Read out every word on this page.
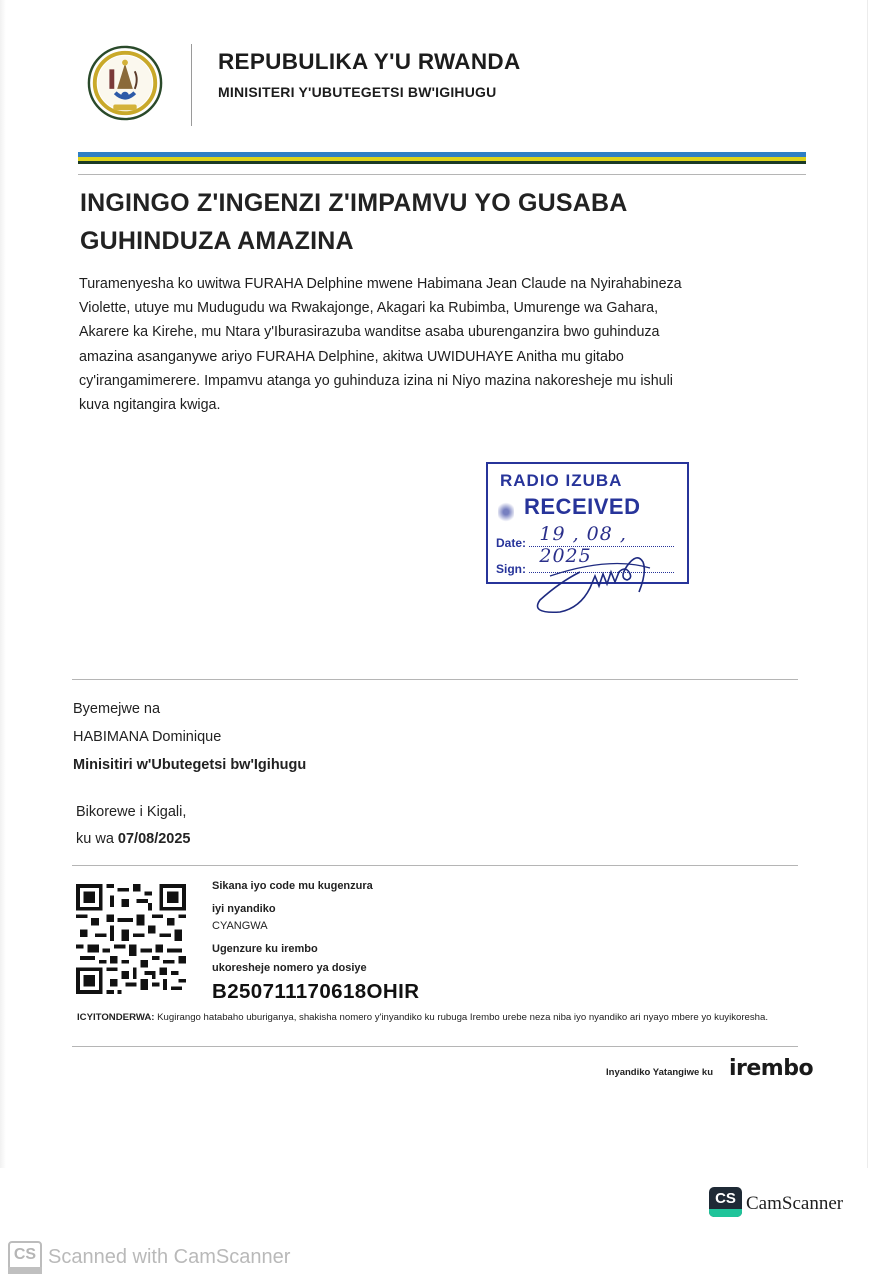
REPUBULIKA Y'U RWANDA
MINISITERI Y'UBUTEGETSI BW'IGIHUGU
INGINGO Z'INGENZI Z'IMPAMVU YO GUSABA
GUHINDUZA AMAZINA
Turamenyesha ko uwitwa FURAHA Delphine mwene Habimana Jean Claude na Nyirahabineza
Violette, utuye mu Mudugudu wa Rwakajonge, Akagari ka Rubimba, Umurenge wa Gahara,
Akarere ka Kirehe, mu Ntara y'Iburasirazuba wanditse asaba uburenganzira bwo guhinduza
amazina asanganywe ariyo FURAHA Delphine, akitwa UWIDUHAYE Anitha mu gitabo
cy'irangamimerere. Impamvu atanga yo guhinduza izina ni Niyo mazina nakoresheje mu ishuli
kuva ngitangira kwiga.
RADIO IZUBA
RECEIVED
Date: 19 , 08 , 2025
Sign:
Byemejwe na
HABIMANA Dominique
Minisitiri w'Ubutegetsi bw'Igihugu
Bikorewe i Kigali,
ku wa 07/08/2025
Sikana iyo code mu kugenzura
iyi nyandiko
CYANGWA
Ugenzure ku irembo
ukoresheje nomero ya dosiye
B250711170618OHIR
ICYITONDERWA: Kugirango hatabaho uburiganya, shakisha nomero y'inyandiko ku rubuga Irembo urebe neza niba iyo nyandiko ari nyayo mbere yo kuyikoresha.
Inyandiko Yatangiwe ku irembo
CS CamScanner
CS Scanned with CamScanner
